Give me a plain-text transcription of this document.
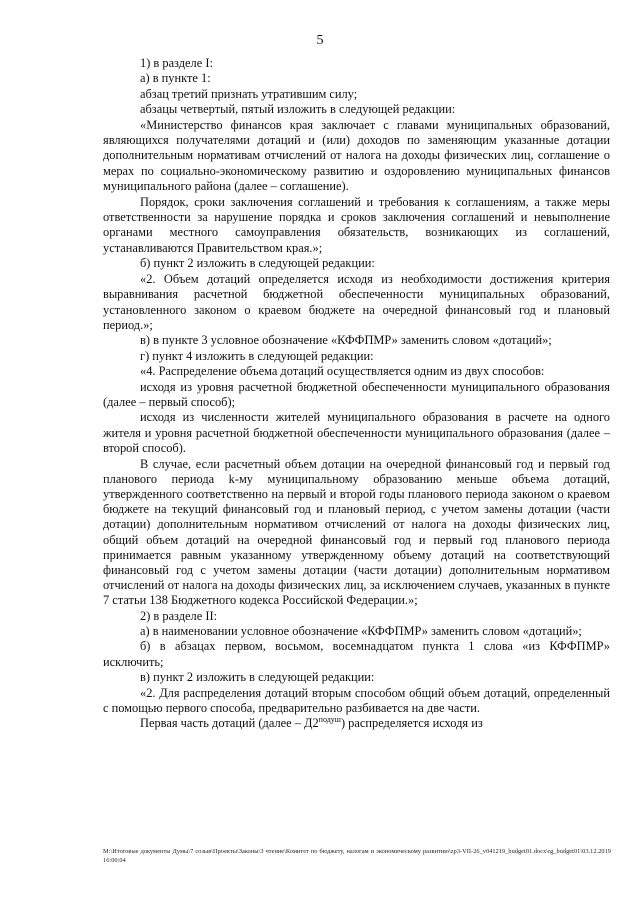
5

1) в разделе I:

а) в пункте 1:

абзац третий признать утратившим силу;

абзацы четвертый, пятый изложить в следующей редакции:

«Министерство финансов края заключает с главами муниципальных образований, являющихся получателями дотаций и (или) доходов по заменяющим указанные дотации дополнительным нормативам отчислений от налога на доходы физических лиц, соглашение о мерах по социально-экономическому развитию и оздоровлению муниципальных финансов муниципального района (далее – соглашение).

Порядок, сроки заключения соглашений и требования к соглашениям, а также меры ответственности за нарушение порядка и сроков заключения соглашений и невыполнение органами местного самоуправления обязательств, возникающих из соглашений, устанавливаются Правительством края.»;

б) пункт 2 изложить в следующей редакции:

«2. Объем дотаций определяется исходя из необходимости достижения критерия выравнивания расчетной бюджетной обеспеченности муниципальных образований, установленного законом о краевом бюджете на очередной финансовый год и плановый период.»;

в) в пункте 3 условное обозначение «КФФПМР» заменить словом «дотаций»;

г) пункт 4 изложить в следующей редакции:

«4. Распределение объема дотаций осуществляется одним из двух способов:

исходя из уровня расчетной бюджетной обеспеченности муниципального образования (далее – первый способ);

исходя из численности жителей муниципального образования в расчете на одного жителя и уровня расчетной бюджетной обеспеченности муниципального образования (далее – второй способ).

В случае, если расчетный объем дотации на очередной финансовый год и первый год планового периода k-му муниципальному образованию меньше объема дотаций, утвержденного соответственно на первый и второй годы планового периода законом о краевом бюджете на текущий финансовый год и плановый период, с учетом замены дотации (части дотации) дополнительным нормативом отчислений от налога на доходы физических лиц, общий объем дотаций на очередной финансовый год и первый год планового периода принимается равным указанному утвержденному объему дотаций на соответствующий финансовый год с учетом замены дотации (части дотации) дополнительным нормативом отчислений от налога на доходы физических лиц, за исключением случаев, указанных в пункте 7 статьи 138 Бюджетного кодекса Российской Федерации.»;

2) в разделе II:

а) в наименовании условное обозначение «КФФПМР» заменить словом «дотаций»;

б) в абзацах первом, восьмом, восемнадцатом пункта 1 слова «из КФФПМР» исключить;

в) пункт 2 изложить в следующей редакции:

«2. Для распределения дотаций вторым способом общий объем дотаций, определенный с помощью первого способа, предварительно разбивается на две части.

Первая часть дотаций (далее – $Д2^{подуш}$) распределяется исходя из

M:\Итоговые документы Думы\7 созыв\Проекты\Законы\3 чтение\Комитет по бюджету, налогам и экономическому развитию\zp3-VII-26_v041219_budget01.docx\rg_budget01\03.12.2019 16:00:04
